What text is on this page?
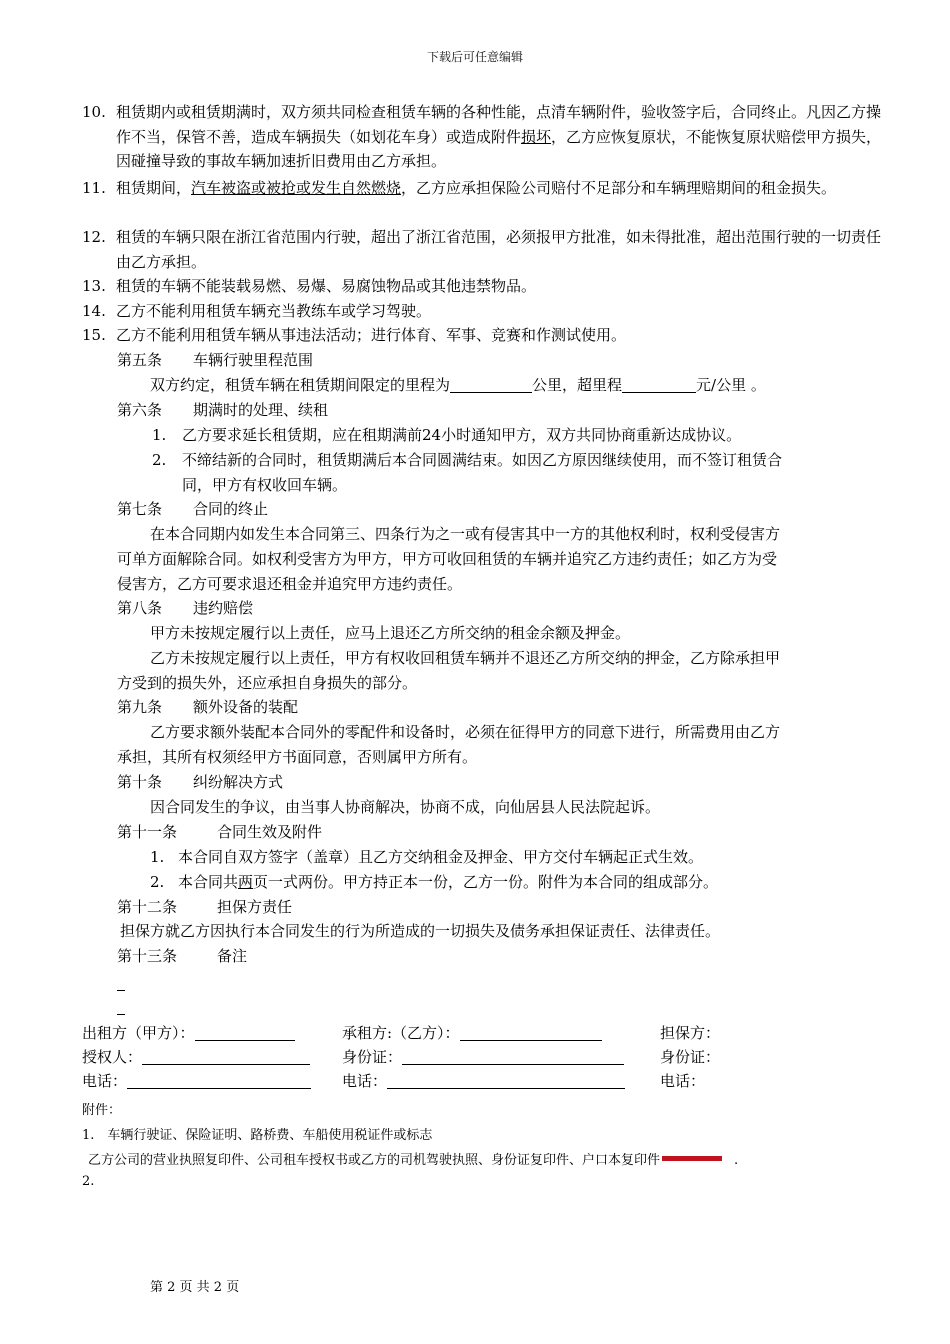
下载后可任意编辑
10. 租赁期内或租赁期满时，双方须共同检查租赁车辆的各种性能，点清车辆附件，验收签字后，合同终止。凡因乙方操作不当，保管不善，造成车辆损失（如划花车身）或造成附件损坏，乙方应恢复原状，不能恢复原状赔偿甲方损失，因碰撞导致的事故车辆加速折旧费用由乙方承担。
11. 租赁期间，汽车被盗或被抢或发生自然燃烧，乙方应承担保险公司赔付不足部分和车辆理赔期间的租金损失。
12. 租赁的车辆只限在浙江省范围内行驶，超出了浙江省范围，必须报甲方批准，如未得批准，超出范围行驶的一切责任由乙方承担。
13. 租赁的车辆不能装载易燃、易爆、易腐蚀物品或其他违禁物品。
14. 乙方不能利用租赁车辆充当教练车或学习驾驶。
15. 乙方不能利用租赁车辆从事违法活动；进行体育、军事、竞赛和作测试使用。
第五条 车辆行驶里程范围
双方约定，租赁车辆在租赁期间限定的里程为	公里，超里程	元/公里 。
第六条 期满时的处理、续租
1. 乙方要求延长租赁期，应在租期满前24小时通知甲方，双方共同协商重新达成协议。
2. 不缔结新的合同时，租赁期满后本合同圆满结束。如因乙方原因继续使用，而不签订租赁合
同，甲方有权收回车辆。
第七条 合同的终止
在本合同期内如发生本合同第三、四条行为之一或有侵害其中一方的其他权利时，权利受侵害方
可单方面解除合同。如权利受害方为甲方，甲方可收回租赁的车辆并追究乙方违约责任；如乙方为受
侵害方，乙方可要求退还租金并追究甲方违约责任。
第八条 违约赔偿
甲方未按规定履行以上责任，应马上退还乙方所交纳的租金余额及押金。
乙方未按规定履行以上责任，甲方有权收回租赁车辆并不退还乙方所交纳的押金，乙方除承担甲
方受到的损失外，还应承担自身损失的部分。
第九条 额外设备的装配
乙方要求额外装配本合同外的零配件和设备时，必须在征得甲方的同意下进行，所需费用由乙方
承担，其所有权须经甲方书面同意，否则属甲方所有。
第十条 纠纷解决方式
因合同发生的争议，由当事人协商解决，协商不成，向仙居县人民法院起诉。
第十一条	合同生效及附件
1. 本合同自双方签字（盖章）且乙方交纳租金及押金、甲方交付车辆起正式生效。
2. 本合同共两页一式两份。甲方持正本一份，乙方一份。附件为本合同的组成部分。
第十二条	担保方责任
担保方就乙方因执行本合同发生的行为所造成的一切损失及债务承担保证责任、法律责任。
第十三条	备注
出租方（甲方）：	承租方:（乙方）：	担保方：
授权人：	身份证：	身份证：
电话：	电话：	电话：
附件：
1.　车辆行驶证、保险证明、路桥费、车船使用税证件或标志
乙方公司的营业执照复印件、公司租车授权书或乙方的司机驾驶执照、身份证复印件、户口本复印件	.
2.
第 2 页 共 2 页
